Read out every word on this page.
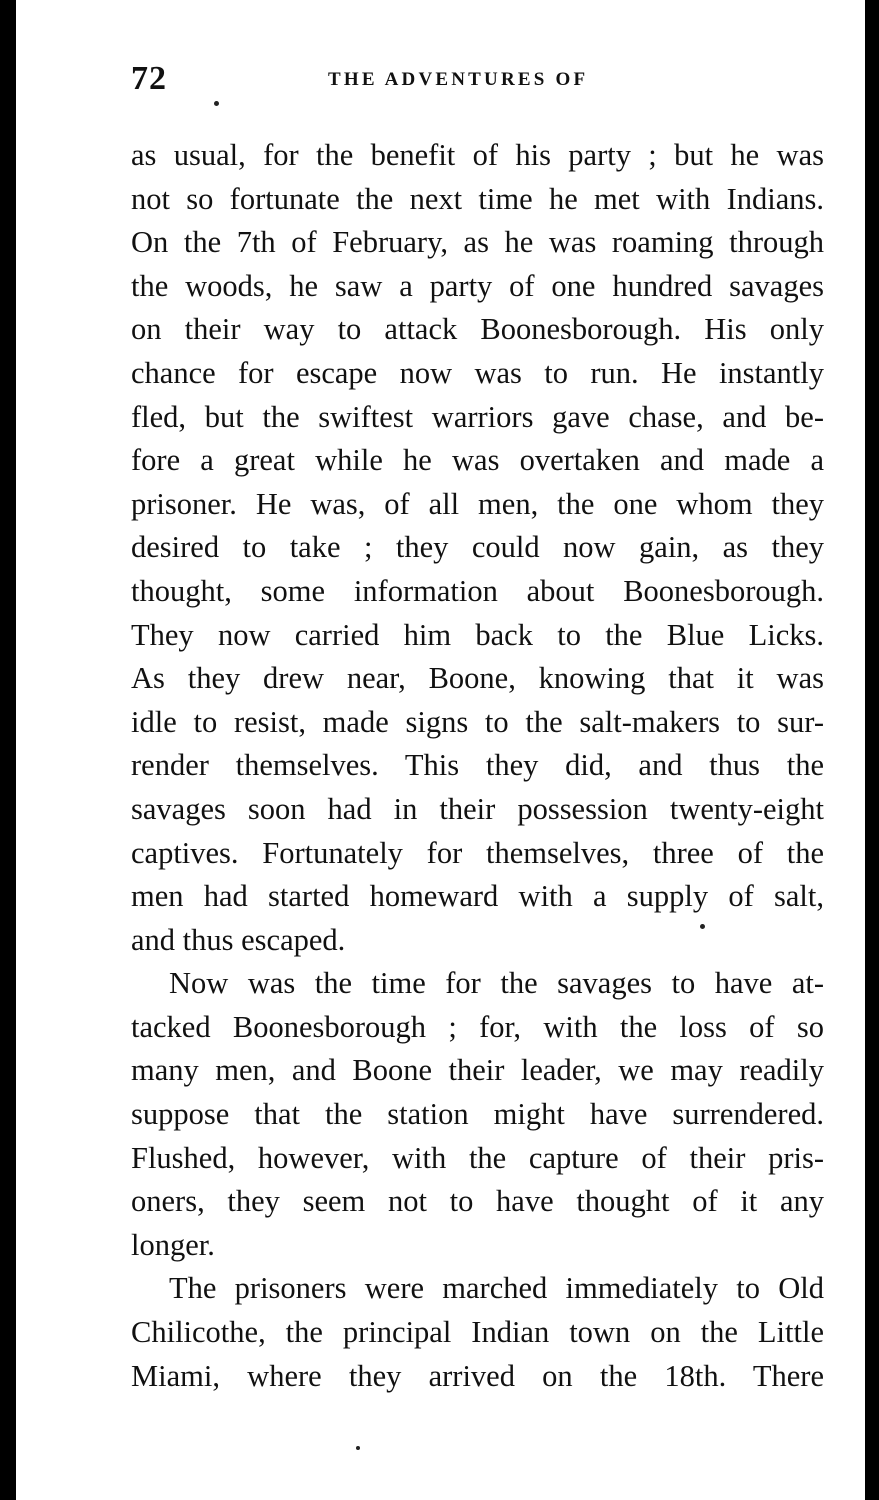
72	THE ADVENTURES OF

as usual, for the benefit of his party ; but he was
not so fortunate the next time he met with Indians.
On the 7th of February, as he was roaming through
the woods, he saw a party of one hundred savages
on their way to attack Boonesborough. His only
chance for escape now was to run. He instantly
fled, but the swiftest warriors gave chase, and be-
fore a great while he was overtaken and made a
prisoner. He was, of all men, the one whom they
desired to take ; they could now gain, as they
thought, some information about Boonesborough.
They now carried him back to the Blue Licks.
As they drew near, Boone, knowing that it was
idle to resist, made signs to the salt-makers to sur-
render themselves. This they did, and thus the
savages soon had in their possession twenty-eight
captives. Fortunately for themselves, three of the
men had started homeward with a supply of salt,
and thus escaped.

Now was the time for the savages to have at-
tacked Boonesborough ; for, with the loss of so
many men, and Boone their leader, we may readily
suppose that the station might have surrendered.
Flushed, however, with the capture of their pris-
oners, they seem not to have thought of it any
longer.

The prisoners were marched immediately to Old
Chilicothe, the principal Indian town on the Little
Miami, where they arrived on the 18th. There
